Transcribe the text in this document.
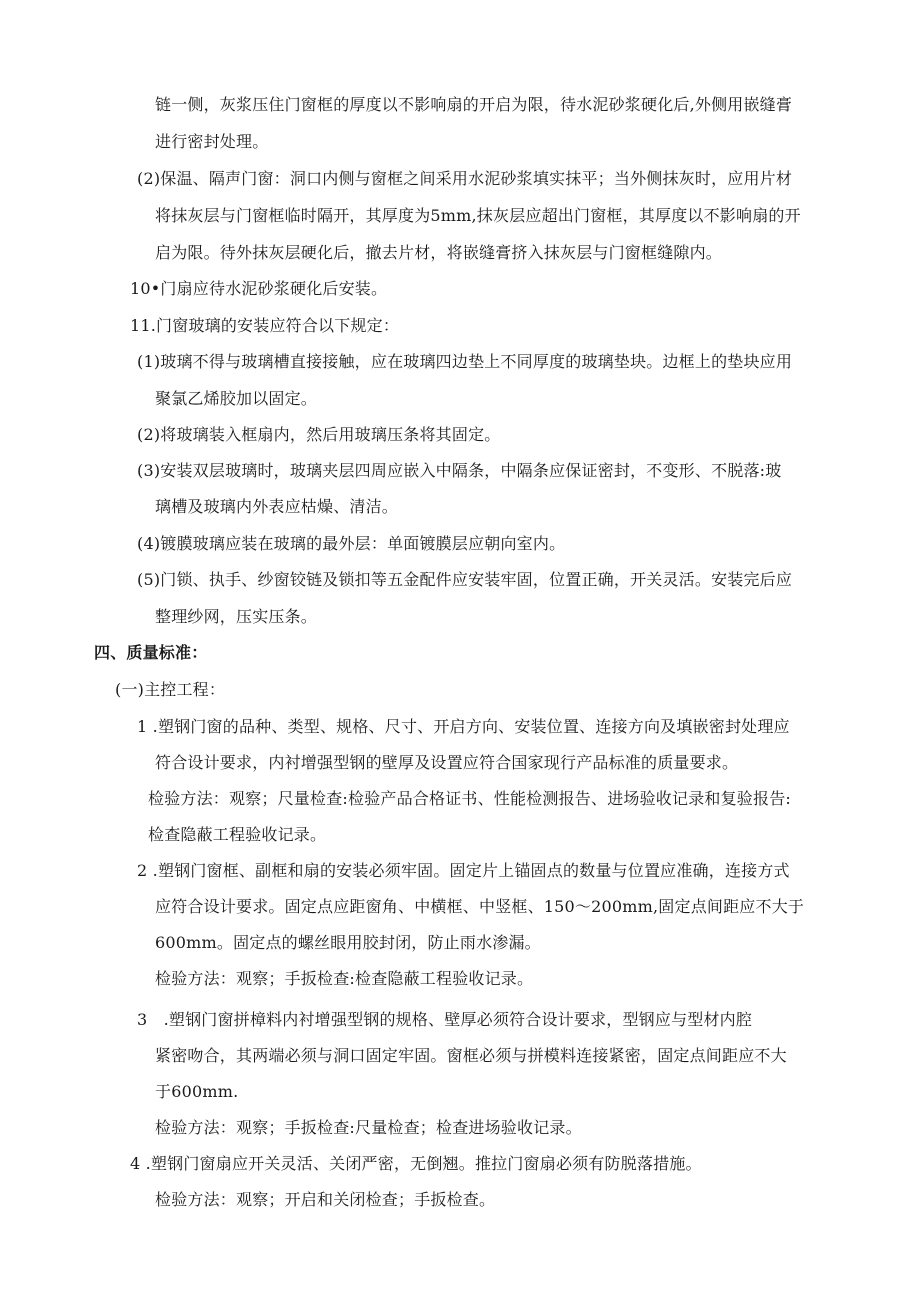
链一侧，灰浆压住门窗框的厚度以不影响扇的开启为限，待水泥砂浆硬化后,外侧用嵌缝膏
进行密封处理。
(2)保温、隔声门窗：洞口内侧与窗框之间采用水泥砂浆填实抹平；当外侧抹灰时，应用片材
将抹灰层与门窗框临时隔开，其厚度为5mm,抹灰层应超出门窗框，其厚度以不影响扇的开
启为限。待外抹灰层硬化后，撤去片材，将嵌缝膏挤入抹灰层与门窗框缝隙内。
10•门扇应待水泥砂浆硬化后安装。
11.门窗玻璃的安装应符合以下规定：
(1)玻璃不得与玻璃槽直接接触，应在玻璃四边垫上不同厚度的玻璃垫块。边框上的垫块应用
聚氯乙烯胶加以固定。
(2)将玻璃装入框扇内，然后用玻璃压条将其固定。
(3)安装双层玻璃时，玻璃夹层四周应嵌入中隔条，中隔条应保证密封，不变形、不脱落:玻
璃槽及玻璃内外表应枯燥、清洁。
(4)镀膜玻璃应装在玻璃的最外层：单面镀膜层应朝向室内。
(5)门锁、执手、纱窗铰链及锁扣等五金配件应安装牢固，位置正确，开关灵活。安装完后应
整理纱网，压实压条。
四、质量标准：
(一)主控工程：
1 .塑钢门窗的品种、类型、规格、尺寸、开启方向、安装位置、连接方向及填嵌密封处理应
符合设计要求，内衬增强型钢的壁厚及设置应符合国家现行产品标准的质量要求。
检验方法：观察；尺量检查:检验产品合格证书、性能检测报告、进场验收记录和复验报告:
检查隐蔽工程验收记录。
2 .塑钢门窗框、副框和扇的安装必须牢固。固定片上锚固点的数量与位置应准确，连接方式
应符合设计要求。固定点应距窗角、中横框、中竖框、150～200mm,固定点间距应不大于
600mm。固定点的螺丝眼用胶封闭，防止雨水渗漏。
检验方法：观察；手扳检查:检查隐蔽工程验收记录。
3　.塑钢门窗拼樟料内衬增强型钢的规格、壁厚必须符合设计要求，型钢应与型材内腔
紧密吻合，其两端必须与洞口固定牢固。窗框必须与拼模料连接紧密，固定点间距应不大
于600mm.
检验方法：观察；手扳检查:尺量检查；检查进场验收记录。
4 .塑钢门窗扇应开关灵活、关闭严密，无倒翘。推拉门窗扇必须有防脱落措施。
检验方法：观察；开启和关闭检查；手扳检查。
